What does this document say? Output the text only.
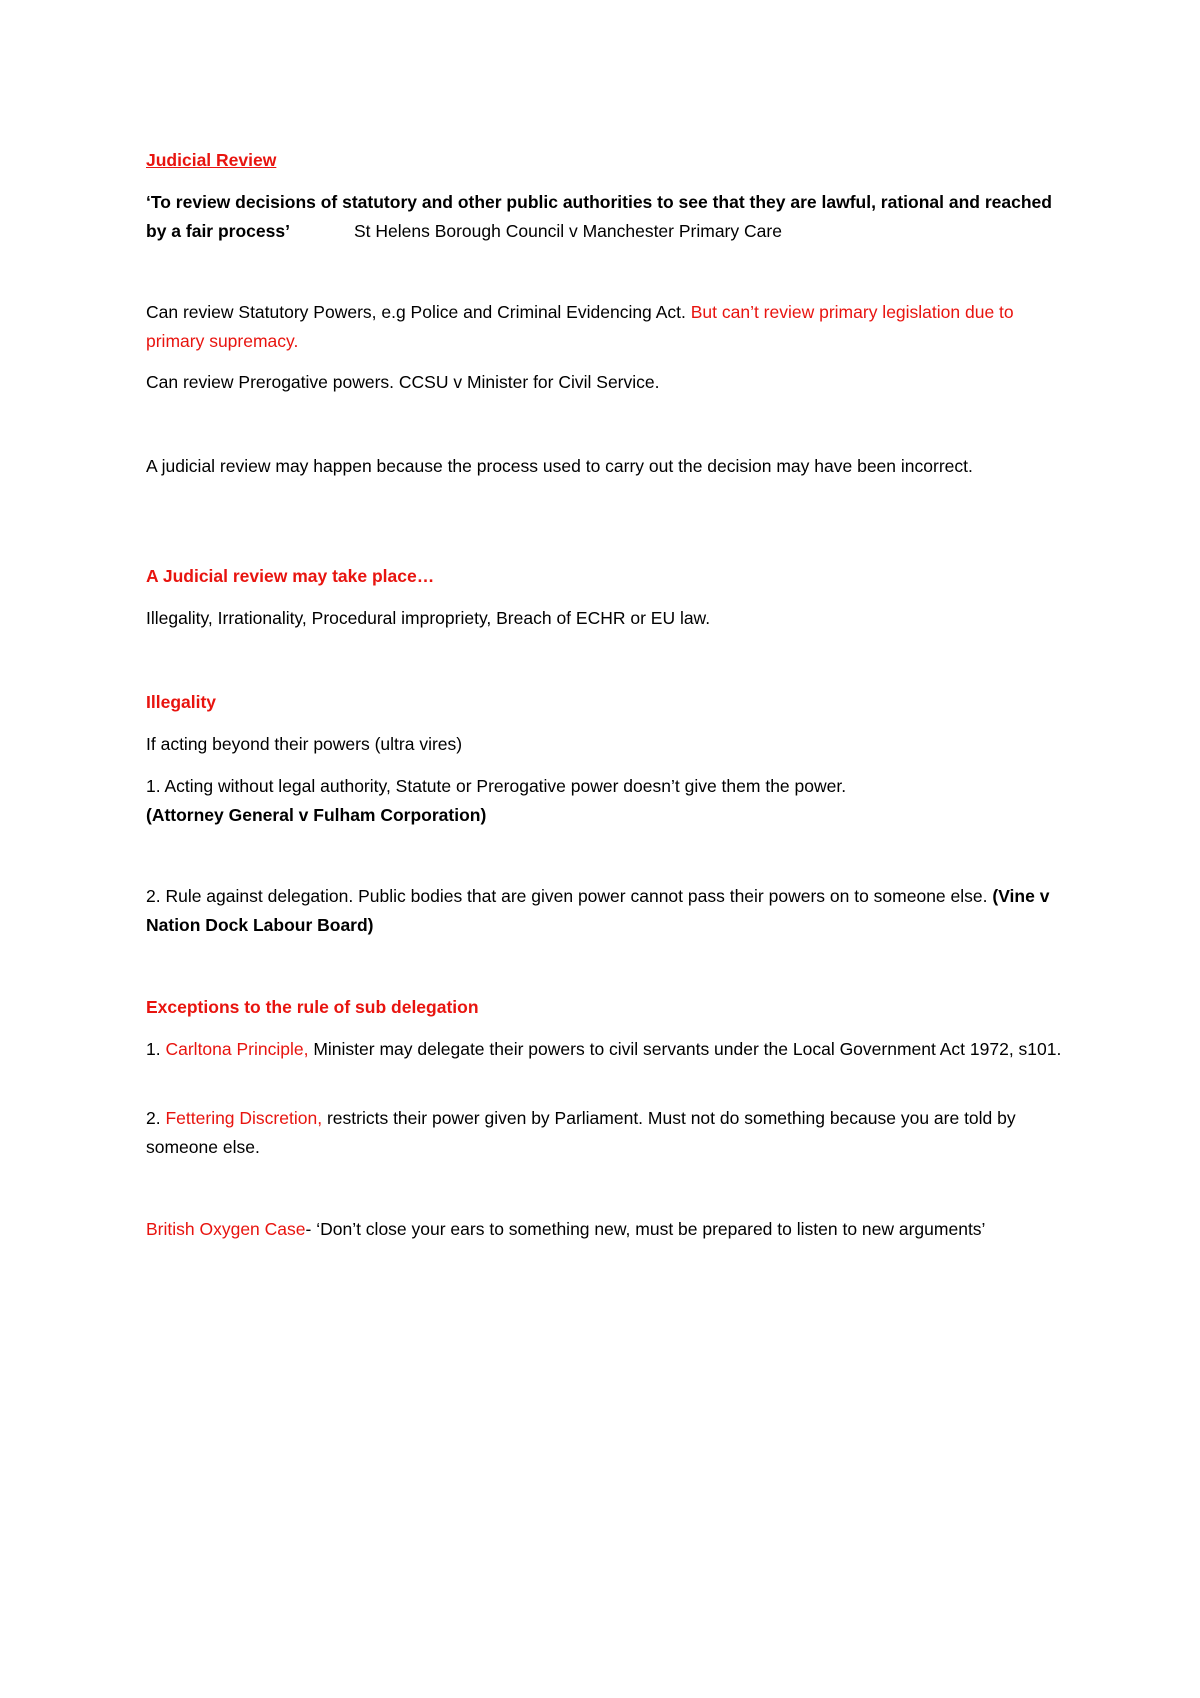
Judicial Review

‘To review decisions of statutory and other public authorities to see that they are lawful, rational and reached by a fair process’	St Helens Borough Council v Manchester Primary Care

Can review Statutory Powers, e.g Police and Criminal Evidencing Act. But can’t review primary legislation due to primary supremacy.

Can review Prerogative powers. CCSU v Minister for Civil Service.

A judicial review may happen because the process used to carry out the decision may have been incorrect.

A Judicial review may take place…

Illegality, Irrationality, Procedural impropriety, Breach of ECHR or EU law.

Illegality

If acting beyond their powers (ultra vires)

1. Acting without legal authority, Statute or Prerogative power doesn’t give them the power.
(Attorney General v Fulham Corporation)

2. Rule against delegation. Public bodies that are given power cannot pass their powers on to someone else. (Vine v Nation Dock Labour Board)

Exceptions to the rule of sub delegation

1. Carltona Principle, Minister may delegate their powers to civil servants under the Local Government Act 1972, s101.

2. Fettering Discretion, restricts their power given by Parliament. Must not do something because you are told by someone else.

British Oxygen Case- ‘Don’t close your ears to something new, must be prepared to listen to new arguments’
